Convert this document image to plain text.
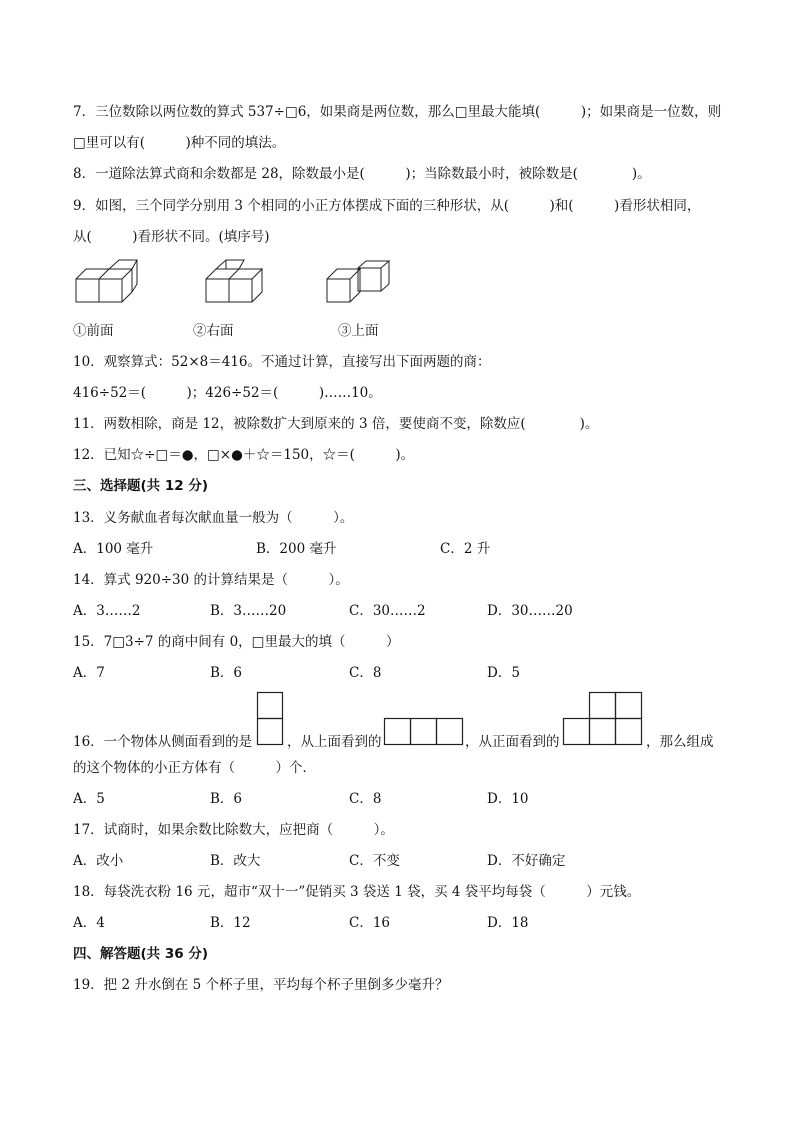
7．三位数除以两位数的算式 537÷□6，如果商是两位数，那么□里最大能填(　　　)；如果商是一位数，则
□里可以有(　　　)种不同的填法。
8．一道除法算式商和余数都是 28，除数最小是(　　　)；当除数最小时，被除数是(　　　　)。
9．如图，三个同学分别用 3 个相同的小正方体摆成下面的三种形状，从(　　　)和(　　　)看形状相同，
从(　　　)看形状不同。(填序号)
①前面	②右面	③上面
10．观察算式：52×8＝416。不通过计算，直接写出下面两题的商：
416÷52＝(　　　)；426÷52＝(　　　)……10。
11．两数相除，商是 12，被除数扩大到原来的 3 倍，要使商不变，除数应(　　　　)。
12．已知☆÷□＝●，□×●＋☆＝150，☆＝(　　　)。
三、选择题(共 12 分)
13．义务献血者每次献血量一般为（　　　）。
A．100 毫升	B．200 毫升	C．2 升
14．算式 920÷30 的计算结果是（　　　）。
A．3……2	B．3……20	C．30……2	D．30……20
15．7□3÷7 的商中间有 0，□里最大的填（　　　）
A．7	B．6	C．8	D．5
16．一个物体从侧面看到的是	，从上面看到的	，从正面看到的	，那么组成
的这个物体的小正方体有（　　　）个．
A．5	B．6	C．8	D．10
17．试商时，如果余数比除数大，应把商（　　　）。
A．改小	B．改大	C．不变	D．不好确定
18．每袋洗衣粉 16 元，超市“双十一”促销买 3 袋送 1 袋，买 4 袋平均每袋（　　　）元钱。
A．4	B．12	C．16	D．18
四、解答题(共 36 分)
19．把 2 升水倒在 5 个杯子里，平均每个杯子里倒多少毫升？
